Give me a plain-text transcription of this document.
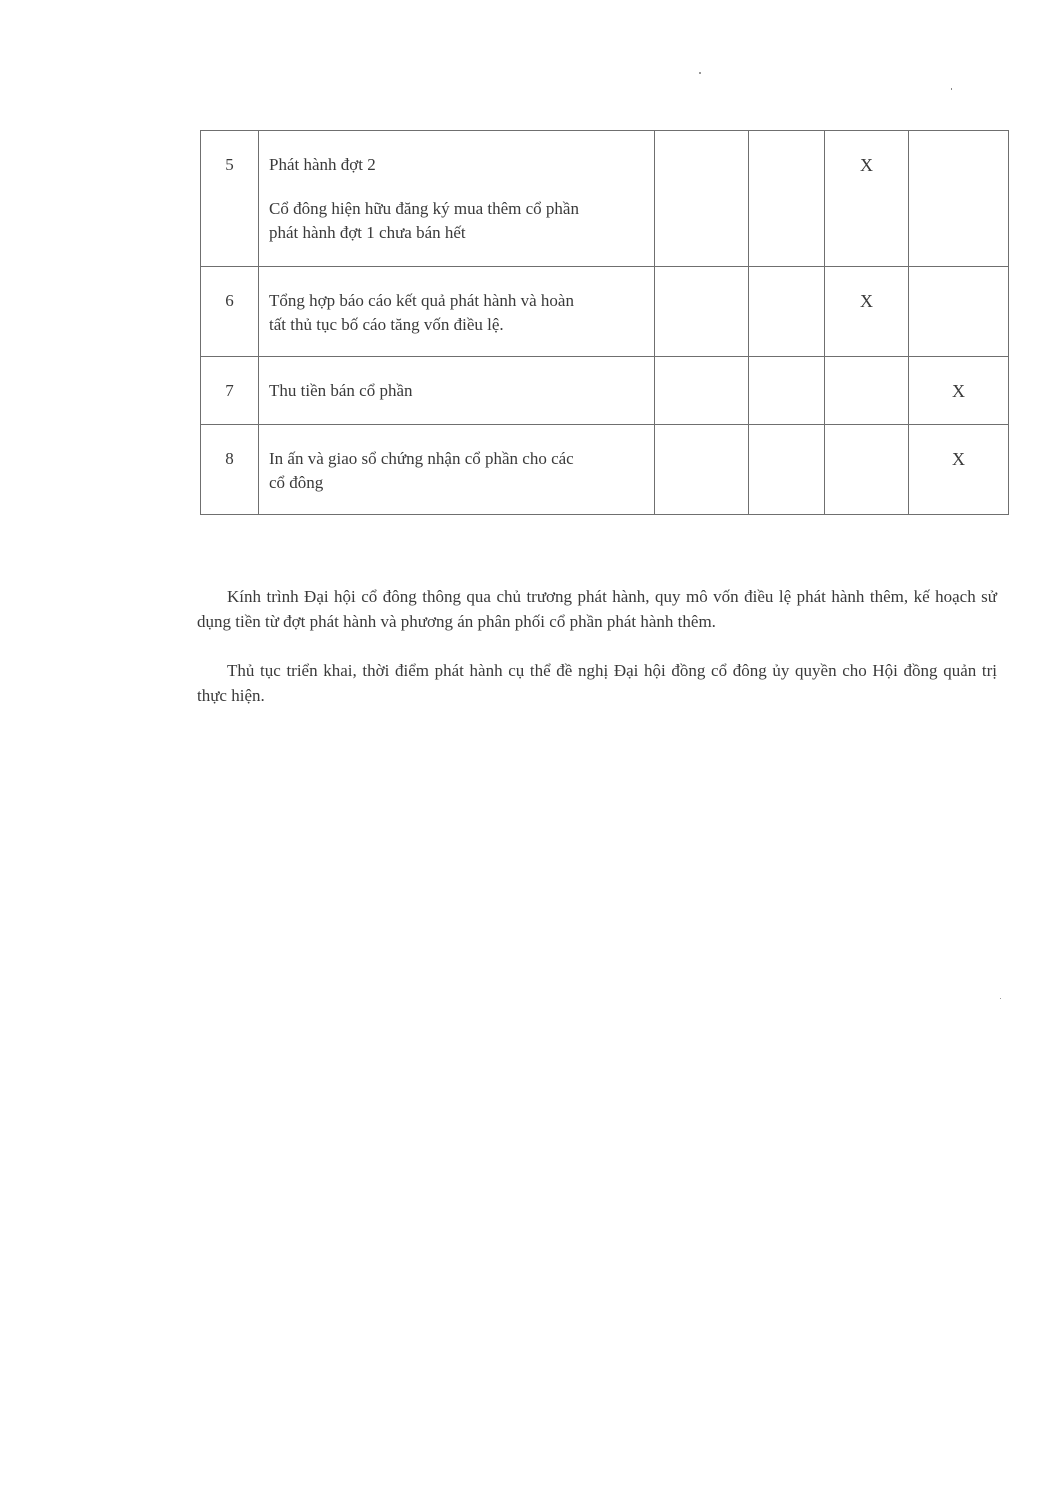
5	Phát hành đợt 2
Cổ đông hiện hữu đăng ký mua thêm cổ phần
phát hành đợt 1 chưa bán hết			X	
6	Tổng hợp báo cáo kết quả phát hành và hoàn
tất thủ tục bố cáo tăng vốn điều lệ.			X	
7	Thu tiền bán cổ phần				X
8	In ấn và giao sổ chứng nhận cổ phần cho các
cổ đông				X

Kính trình Đại hội cổ đông thông qua chủ trương phát hành, quy mô vốn điều lệ phát hành thêm, kế hoạch sử dụng tiền từ đợt phát hành và phương án phân phối cổ phần phát hành thêm.

Thủ tục triển khai, thời điểm phát hành cụ thể đề nghị Đại hội đồng cổ đông ủy quyền cho Hội đồng quản trị thực hiện.
